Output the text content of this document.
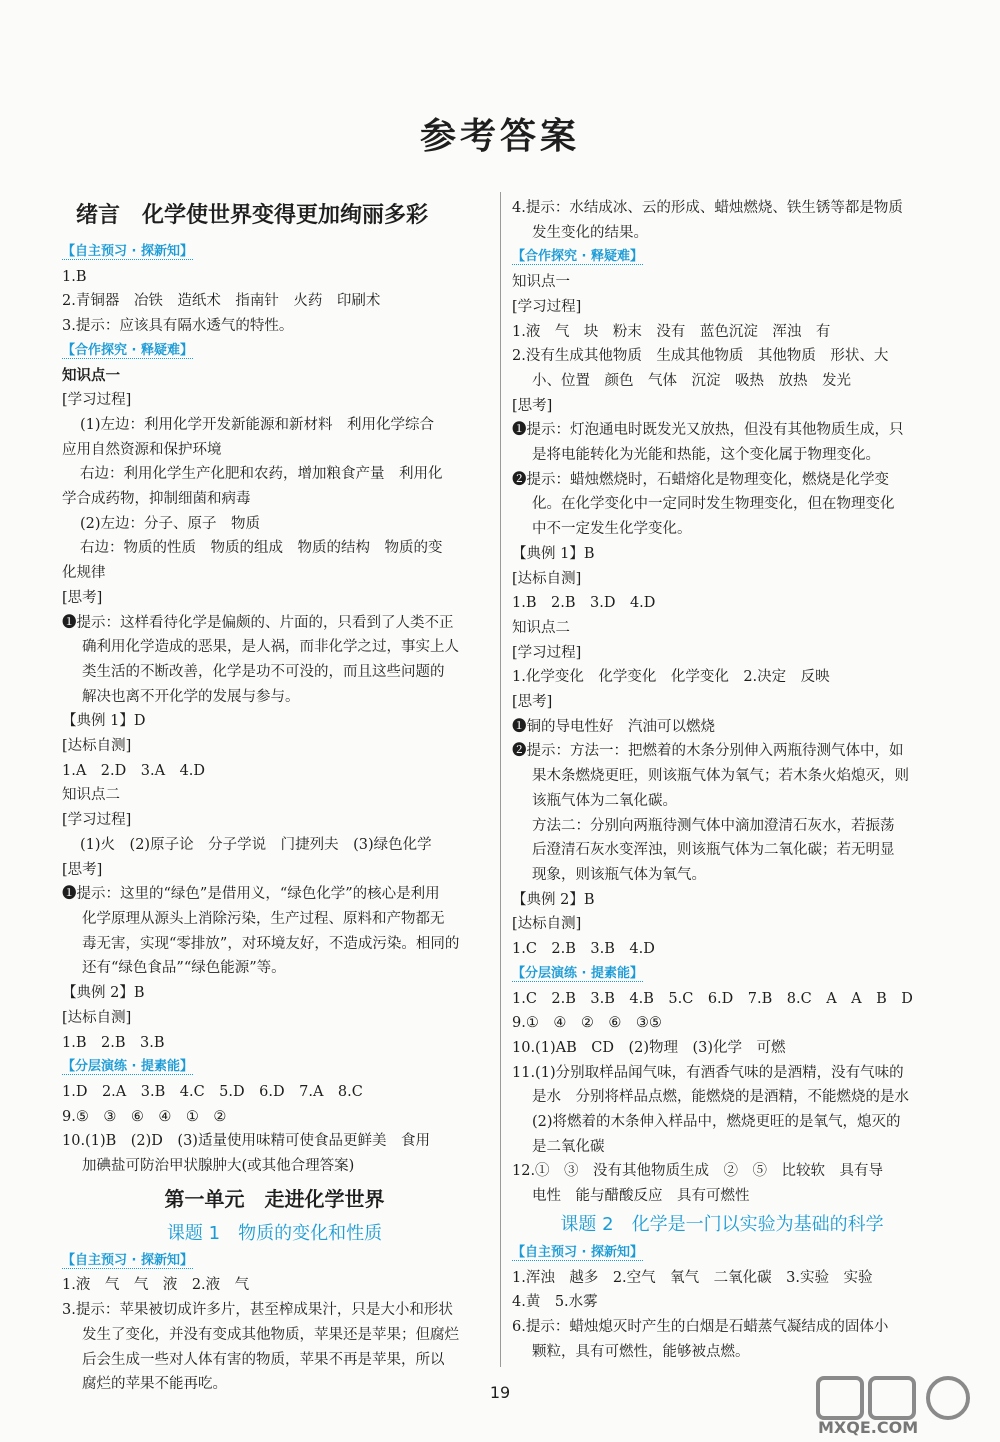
参考答案
绪言　化学使世界变得更加绚丽多彩
【自主预习 · 探新知】
1.B
2.青铜器　冶铁　造纸术　指南针　火药　印刷术
3.提示：应该具有隔水透气的特性。
【合作探究 · 释疑难】
知识点一
[学习过程]
(1)左边：利用化学开发新能源和新材料　利用化学综合
应用自然资源和保护环境
右边：利用化学生产化肥和农药，增加粮食产量　利用化
学合成药物，抑制细菌和病毒
(2)左边：分子、原子　物质
右边：物质的性质　物质的组成　物质的结构　物质的变
化规律
[思考]
❶提示：这样看待化学是偏颇的、片面的，只看到了人类不正
确利用化学造成的恶果，是人祸，而非化学之过，事实上人
类生活的不断改善，化学是功不可没的，而且这些问题的
解决也离不开化学的发展与参与。
【典例 1】D
[达标自测]
1.A　2.D　3.A　4.D
知识点二
[学习过程]
(1)火　(2)原子论　分子学说　门捷列夫　(3)绿色化学
[思考]
❶提示：这里的“绿色”是借用义，“绿色化学”的核心是利用
化学原理从源头上消除污染，生产过程、原料和产物都无
毒无害，实现“零排放”，对环境友好，不造成污染。相同的
还有“绿色食品”“绿色能源”等。
【典例 2】B
[达标自测]
1.B　2.B　3.B
【分层演练 · 提素能】
1.D　2.A　3.B　4.C　5.D　6.D　7.A　8.C
9.⑤　③　⑥　④　①　②
10.(1)B　(2)D　(3)适量使用味精可使食品更鲜美　食用
加碘盐可防治甲状腺肿大(或其他合理答案)
第一单元　走进化学世界
课题 1　物质的变化和性质
【自主预习 · 探新知】
1.液　气　气　液　2.液　气
3.提示：苹果被切成许多片，甚至榨成果汁，只是大小和形状
发生了变化，并没有变成其他物质，苹果还是苹果；但腐烂
后会生成一些对人体有害的物质，苹果不再是苹果，所以
腐烂的苹果不能再吃。
4.提示：水结成冰、云的形成、蜡烛燃烧、铁生锈等都是物质
发生变化的结果。
【合作探究 · 释疑难】
知识点一
[学习过程]
1.液　气　块　粉末　没有　蓝色沉淀　浑浊　有
2.没有生成其他物质　生成其他物质　其他物质　形状、大
小、位置　颜色　气体　沉淀　吸热　放热　发光
[思考]
❶提示：灯泡通电时既发光又放热，但没有其他物质生成，只
是将电能转化为光能和热能，这个变化属于物理变化。
❷提示：蜡烛燃烧时，石蜡熔化是物理变化，燃烧是化学变
化。在化学变化中一定同时发生物理变化，但在物理变化
中不一定发生化学变化。
【典例 1】B
[达标自测]
1.B　2.B　3.D　4.D
知识点二
[学习过程]
1.化学变化　化学变化　化学变化　2.决定　反映
[思考]
❶铜的导电性好　汽油可以燃烧
❷提示：方法一：把燃着的木条分别伸入两瓶待测气体中，如
果木条燃烧更旺，则该瓶气体为氧气；若木条火焰熄灭，则
该瓶气体为二氧化碳。
方法二：分别向两瓶待测气体中滴加澄清石灰水，若振荡
后澄清石灰水变浑浊，则该瓶气体为二氧化碳；若无明显
现象，则该瓶气体为氧气。
【典例 2】B
[达标自测]
1.C　2.B　3.B　4.D
【分层演练 · 提素能】
1.C　2.B　3.B　4.B　5.C　6.D　7.B　8.C　A　A　B　D
9.①　④　②　⑥　③⑤
10.(1)AB　CD　(2)物理　(3)化学　可燃
11.(1)分别取样品闻气味，有酒香气味的是酒精，没有气味的
是水　分别将样品点燃，能燃烧的是酒精，不能燃烧的是水
(2)将燃着的木条伸入样品中，燃烧更旺的是氧气，熄灭的
是二氧化碳
12.①　③　没有其他物质生成　②　⑤　比较软　具有导
电性　能与醋酸反应　具有可燃性
课题 2　化学是一门以实验为基础的科学
【自主预习 · 探新知】
1.浑浊　越多　2.空气　氧气　二氧化碳　3.实验　实验
4.黄　5.水雾
6.提示：蜡烛熄灭时产生的白烟是石蜡蒸气凝结成的固体小
颗粒，具有可燃性，能够被点燃。
19
MXQE.COM
